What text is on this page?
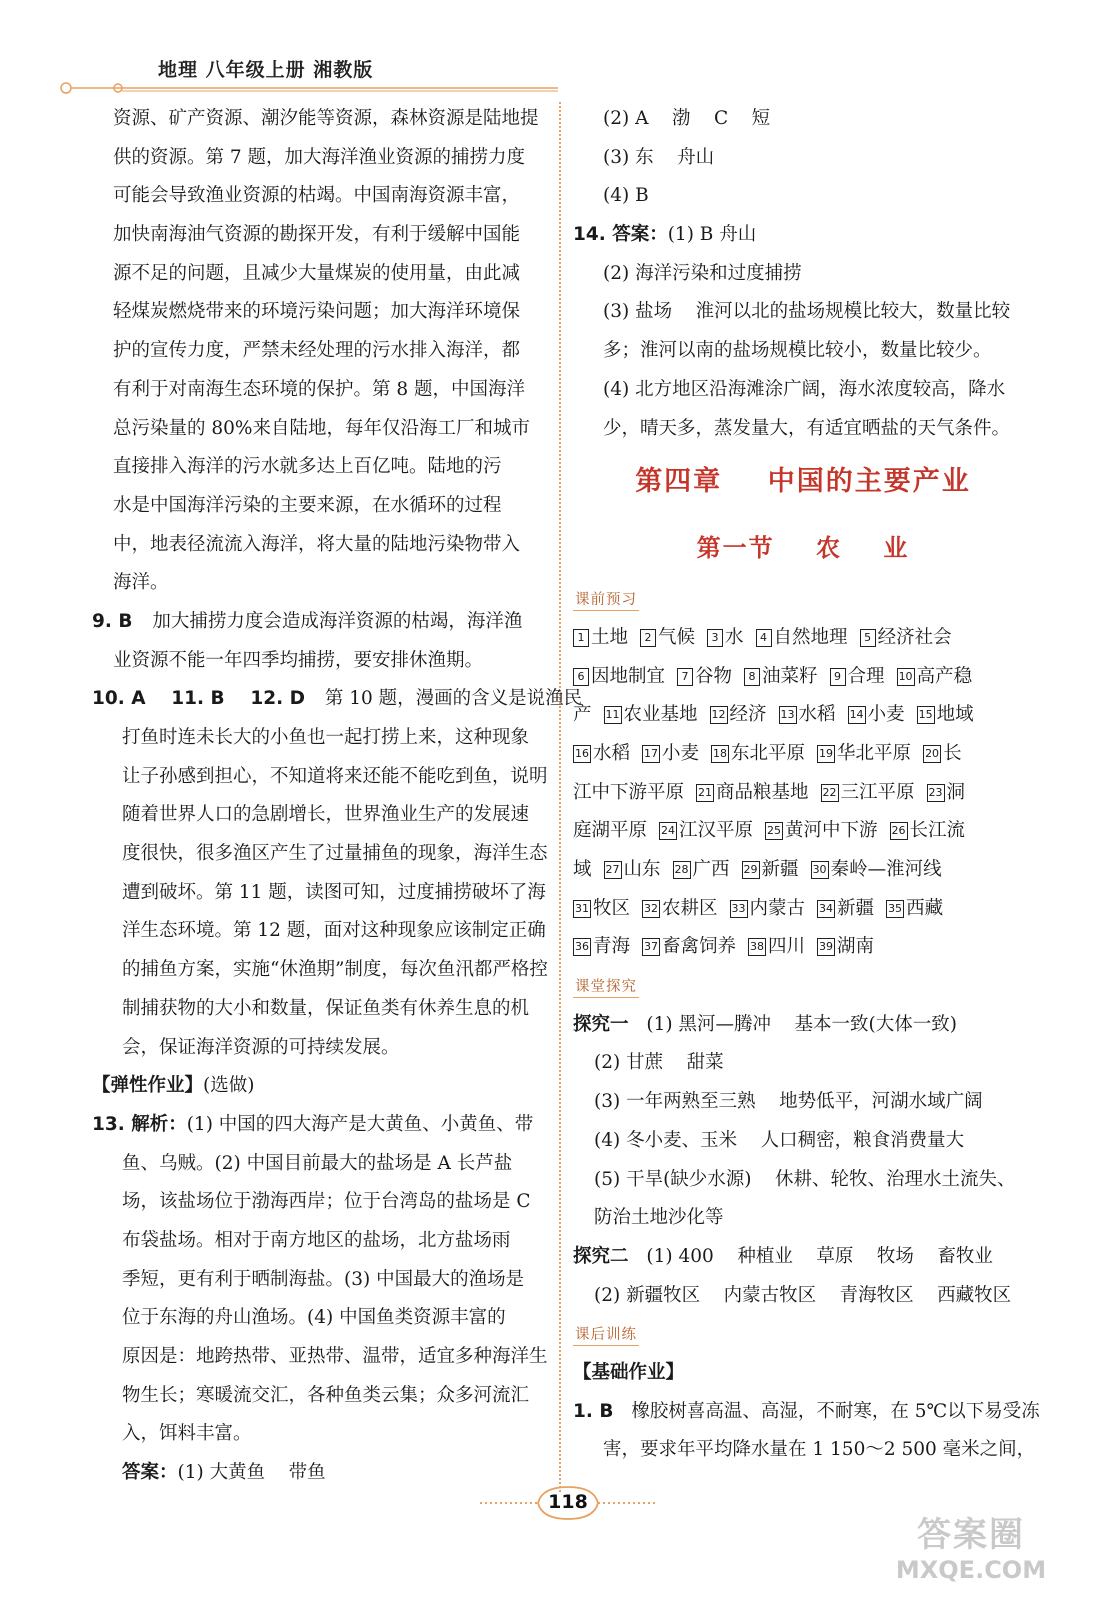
地理 八年级上册 湘教版
资源、矿产资源、潮汐能等资源，森林资源是陆地提
供的资源。第 7 题，加大海洋渔业资源的捕捞力度
可能会导致渔业资源的枯竭。中国南海资源丰富，
加快南海油气资源的勘探开发，有利于缓解中国能
源不足的问题，且减少大量煤炭的使用量，由此减
轻煤炭燃烧带来的环境污染问题；加大海洋环境保
护的宣传力度，严禁未经处理的污水排入海洋，都
有利于对南海生态环境的保护。第 8 题，中国海洋
总污染量的 80%来自陆地，每年仅沿海工厂和城市
直接排入海洋的污水就多达上百亿吨。陆地的污
水是中国海洋污染的主要来源，在水循环的过程
中，地表径流流入海洋，将大量的陆地污染物带入
海洋。
9. B 加大捕捞力度会造成海洋资源的枯竭，海洋渔
业资源不能一年四季均捕捞，要安排休渔期。
10. A    11. B    12. D 第 10 题，漫画的含义是说渔民
打鱼时连未长大的小鱼也一起打捞上来，这种现象
让子孙感到担心，不知道将来还能不能吃到鱼，说明
随着世界人口的急剧增长，世界渔业生产的发展速
度很快，很多渔区产生了过量捕鱼的现象，海洋生态
遭到破坏。第 11 题，读图可知，过度捕捞破坏了海
洋生态环境。第 12 题，面对这种现象应该制定正确
的捕鱼方案，实施“休渔期”制度，每次鱼汛都严格控
制捕获物的大小和数量，保证鱼类有休养生息的机
会，保证海洋资源的可持续发展。
【弹性作业】(选做)
13. 解析：(1) 中国的四大海产是大黄鱼、小黄鱼、带
鱼、乌贼。(2) 中国目前最大的盐场是 A 长芦盐
场，该盐场位于渤海西岸；位于台湾岛的盐场是 C
布袋盐场。相对于南方地区的盐场，北方盐场雨
季短，更有利于晒制海盐。(3) 中国最大的渔场是
位于东海的舟山渔场。(4) 中国鱼类资源丰富的
原因是：地跨热带、亚热带、温带，适宜多种海洋生
物生长；寒暖流交汇，各种鱼类云集；众多河流汇
入，饵料丰富。
答案：(1) 大黄鱼    带鱼
(2) A    渤    C    短
(3) 东    舟山
(4) B
14. 答案：(1) B 舟山
(2) 海洋污染和过度捕捞
(3) 盐场    淮河以北的盐场规模比较大，数量比较
多；淮河以南的盐场规模比较小，数量比较少。
(4) 北方地区沿海滩涂广阔，海水浓度较高，降水
少，晴天多，蒸发量大，有适宜晒盐的天气条件。
第四章    中国的主要产业
第一节    农    业
课前预习
1 土地 2 气候 3 水 4 自然地理 5 经济社会
6 因地制宜 7 谷物 8 油菜籽 9 合理 10 高产稳
产 11 农业基地 12 经济 13 水稻 14 小麦 15 地域
16 水稻 17 小麦 18 东北平原 19 华北平原 20 长
江中下游平原 21 商品粮基地 22 三江平原 23 洞
庭湖平原 24 江汉平原 25 黄河中下游 26 长江流
域 27 山东 28 广西 29 新疆 30 秦岭—淮河线
31 牧区 32 农耕区 33 内蒙古 34 新疆 35 西藏
36 青海 37 畜禽饲养 38 四川 39 湖南
课堂探究
探究一 (1) 黑河—腾冲    基本一致(大体一致)
(2) 甘蔗    甜菜
(3) 一年两熟至三熟    地势低平，河湖水域广阔
(4) 冬小麦、玉米    人口稠密，粮食消费量大
(5) 干旱(缺少水源)    休耕、轮牧、治理水土流失、
防治土地沙化等
探究二 (1) 400    种植业    草原    牧场    畜牧业
(2) 新疆牧区    内蒙古牧区    青海牧区    西藏牧区
课后训练
【基础作业】
1. B 橡胶树喜高温、高湿，不耐寒，在 5℃以下易受冻
害，要求年平均降水量在 1 150～2 500 毫米之间，
118
答案圈
MXQE.COM
